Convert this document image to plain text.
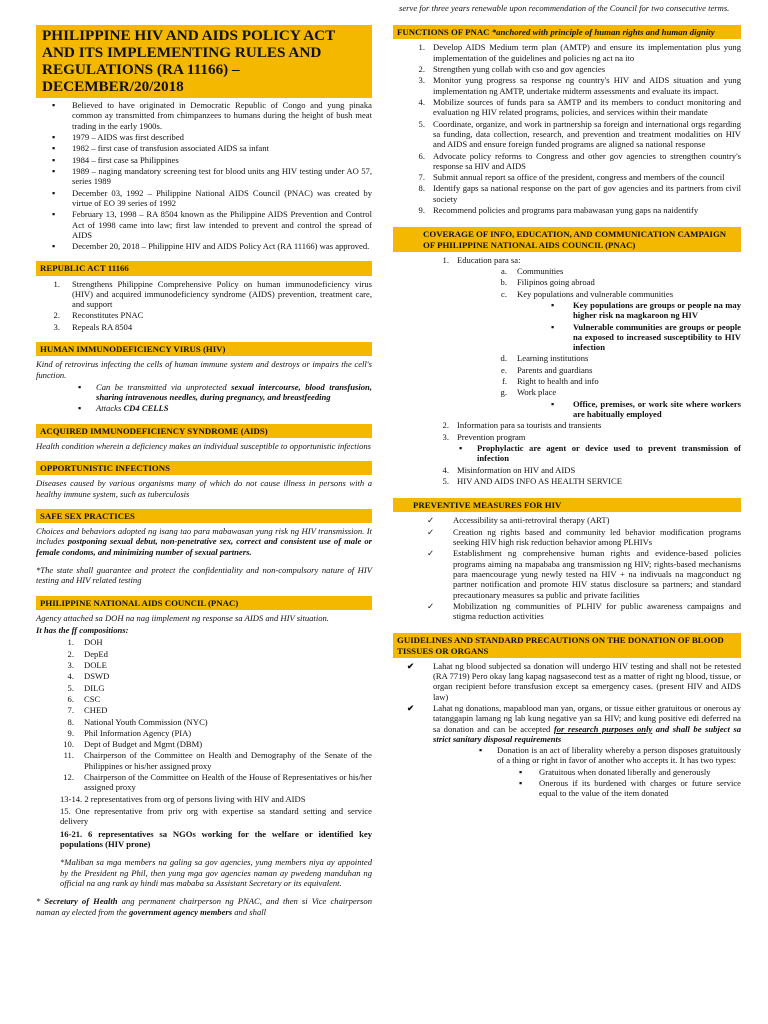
PHILIPPINE HIV AND AIDS POLICY ACT AND ITS IMPLEMENTING RULES AND REGULATIONS (RA 11166) – DECEMBER/20/2018
▪
Believed to have originated in Democratic Republic of Congo and yung pinaka common ay transmitted from chimpanzees to humans during the height of bush meat trading in the early 1900s.
▪
1979 – AIDS was first described
▪
1982 – first case of transfusion associated AIDS sa infant
▪
1984 – first case sa Philippines
▪
1989 – naging mandatory screening test for blood units ang HIV testing under AO 57, series 1989
▪
December 03, 1992 – Philippine National AIDS Council (PNAC) was created by virtue of EO 39 series of 1992
▪
February 13, 1998 – RA 8504 known as the Philippine AIDS Prevention and Control Act of 1998 came into law; first law intended to prevent and control the spread of AIDS
▪
December 20, 2018 – Philippine HIV and AIDS Policy Act (RA 11166) was approved.
REPUBLIC ACT 11166
1. Strengthens Philippine Comprehensive Policy on human immunodeficiency virus (HIV) and acquired immunodeficiency syndrome (AIDS) prevention, treatment care, and support
2. Reconstitutes PNAC
3. Repeals RA 8504
HUMAN IMMUNODEFICIENCY VIRUS (HIV)

Kind of retrovirus infecting the cells of human immune system and destroys or impairs the cell's function.

▪
Can be transmitted via unprotected sexual intercourse, blood transfusion, sharing intravenous needles, during pregnancy, and breastfeeding
▪
Attacks CD4 CELLS
ACQUIRED IMMUNODEFICIENCY SYNDROME (AIDS)

Health condition wherein a deficiency makes an individual susceptible to opportunistic infections

OPPORTUNISTIC INFECTIONS

Diseases caused by various organisms many of which do not cause illness in persons with a healthy immune system, such as tuberculosis

SAFE SEX PRACTICES

Choices and behaviors adopted ng isang tao para mabawasan yung risk ng HIV transmission. It includes postponing sexual debut, non-penetrative sex, correct and consistent use of male or female condoms, and minimizing number of sexual partners.

*The state shall guarantee and protect the confidentiality and non-compulsory nature of HIV testing and HIV related testing

PHILIPPINE NATIONAL AIDS COUNCIL (PNAC)

Agency attached sa DOH na nag iimplement ng response sa AIDS and HIV situation.

It has the ff compositions:

1. DOH
2. DepEd
3. DOLE
4. DSWD
5. DILG
6. CSC
7. CHED
8. National Youth Commission (NYC)
9. Phil Information Agency (PIA)
10. Dept of Budget and Mgmt (DBM)
11. Chairperson of the Committee on Health and Demography of the Senate of the Philippines or his/her assigned proxy
12. Chairperson of the Committee on Health of the House of Representatives or his/her assigned proxy

13-14. 2 representatives from org of persons living with HIV and AIDS

15. One representative from priv org with expertise sa standard setting and service delivery

16-21. 6 representatives sa NGOs working for the welfare or identified key populations (HIV prone)

*Maliban sa mga members na galing sa gov agencies, yung members niya ay appointed by the President ng Phil, then yung mga gov agencies naman ay pwedeng manduhan ng official na ang rank ay hindi mas mababa sa Assistant Secretary or its equivalent.

* Secretary of Health ang permanent chairperson ng PNAC, and then si Vice chairperson naman ay elected from the government agency members and shall

serve for three years renewable upon recommendation of the Council for two consecutive terms.

FUNCTIONS OF PNAC *anchored with principle of human rights and human dignity
1. Develop AIDS Medium term plan (AMTP) and ensure its implementation plus yung implementation of the guidelines and policies ng act na ito
2. Strengthen yung collab with cso and gov agencies
3. Monitor yung progress sa response ng country's HIV and AIDS situation and yung implementation ng AMTP, undertake midterm assessments and evaluate its impact.
4. Mobilize sources of funds para sa AMTP and its members to conduct monitoring and evaluation ng HIV related programs, policies, and services within their mandate
5. Coordinate, organize, and work in partnership sa foreign and international orgs regarding sa funding, data collection, research, and prevention and treatment modalities on HIV and AIDS and ensure foreign funded programs are aligned sa national response
6. Advocate policy reforms to Congress and other gov agencies to strengthen country's response sa HIV and AIDS
7. Submit annual report sa office of the president, congress and members of the council
8. Identify gaps sa national response on the part of gov agencies and its partners from civil society
9. Recommend policies and programs para mabawasan yung gaps na naidentify
COVERAGE OF INFO, EDUCATION, AND COMMUNICATION CAMPAIGN OF PHILIPPINE NATIONAL AIDS COUNCIL (PNAC)
1. Education para sa:
a. Communities
b. Filipinos going abroad
c. Key populations and vulnerable communities
▪
Key populations are groups or people na may higher risk na magkaroon ng HIV
▪
Vulnerable communities are groups or people na exposed to increased susceptibility to HIV infection
d. Learning institutions
e. Parents and guardians
f. Right to health and info
g. Work place
▪
Office, premises, or work site where workers are habitually employed
2. Information para sa tourists and transients
3. Prevention program
▪
Prophylactic are agent or device used to prevent transmission of infection
4. Misinformation on HIV and AIDS
5. HIV AND AIDS INFO AS HEALTH SERVICE
PREVENTIVE MEASURES FOR HIV
✓	Accessibility sa anti-retroviral therapy (ART)
✓	Creation ng rights based and community led behavior modification programs seeking HIV high risk reduction behavior among PLHIVs
✓	Establishment ng comprehensive human rights and evidence-based policies programs aiming na mapababa ang transmission ng HIV; rights-based mechanisms para maencourage yung newly tested na HIV + na indivuals na magconduct ng partner notification and promote HIV status disclosure sa partners; and standard precautionary measures sa public and private facilities
✓	Mobilization ng communities of PLHIV for public awareness campaigns and stigma reduction activities
GUIDELINES AND STANDARD PRECAUTIONS ON THE DONATION OF BLOOD TISSUES OR ORGANS
✔	Lahat ng blood subjected sa donation will undergo HIV testing and shall not be retested (RA 7719) Pero okay lang kapag nagsasecond test as a matter of right ng blood, tissue, or organ recipient before transfusion except sa emergency cases. (present HIV and AIDS law)
✔	Lahat ng donations, mapablood man yan, organs, or tissue either gratuitous or onerous ay tatanggapin lamang ng lab kung negative yan sa HIV; and kung positive edi deferred na sa donation and can be accepted for research purposes only and shall be subject sa strict sanitary disposal requirements
▪
Donation is an act of liberality whereby a person disposes gratuitously of a thing or right in favor of another who accepts it. It has two types:
▪
Gratuitous when donated liberally and generously
▪
Onerous if its burdened with charges or future service equal to the value of the item donated
